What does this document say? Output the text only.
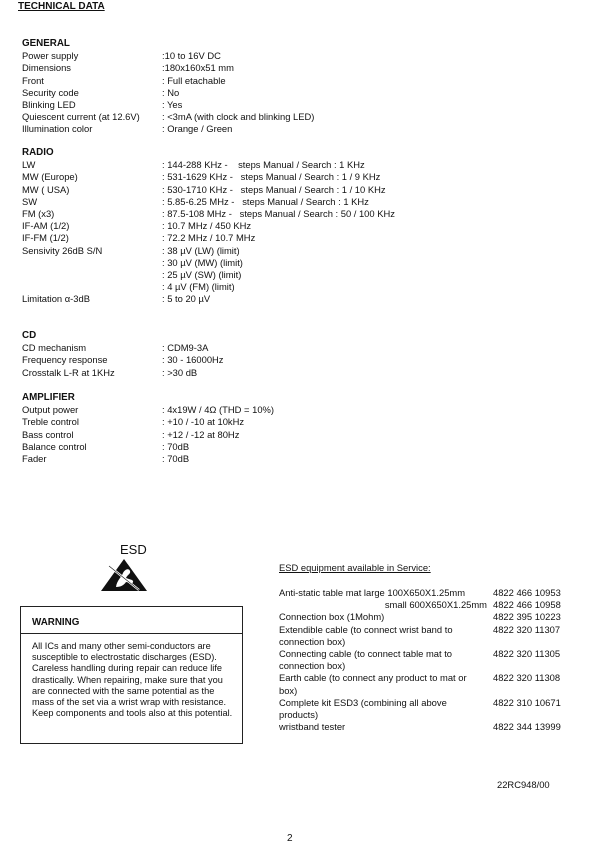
TECHNICAL DATA
GENERAL
Power supply	:10 to 16V DC
Dimensions	:180x160x51 mm
Front	: Full etachable
Security code	: No
Blinking LED	: Yes
Quiescent current (at 12.6V)	: <3mA (with clock and blinking LED)
Illumination color	: Orange / Green
RADIO
LW	: 144-288 KHz -    steps Manual / Search : 1 KHz
MW (Europe)	: 531-1629 KHz -   steps Manual / Search : 1 / 9 KHz
MW ( USA)	: 530-1710 KHz -   steps Manual / Search : 1 / 10 KHz
SW	: 5.85-6.25 MHz -   steps Manual / Search : 1 KHz
FM (x3)	: 87.5-108 MHz -   steps Manual / Search : 50 / 100 KHz
IF-AM (1/2)	: 10.7 MHz / 450 KHz
IF-FM (1/2)	: 72.2 MHz / 10.7 MHz
Sensivity 26dB S/N	: 38 µV (LW) (limit)
: 30 µV (MW) (limit)
: 25 µV (SW) (limit)
: 4 µV (FM) (limit)
Limitation α-3dB	: 5 to 20 µV
CD
CD mechanism	: CDM9-3A
Frequency response	: 30 - 16000Hz
Crosstalk L-R at 1KHz	: >30 dB
AMPLIFIER
Output power	: 4x19W / 4Ω (THD = 10%)
Treble control	: +10 / -10 at 10kHz
Bass control	: +12 / -12 at 80Hz
Balance control	: 70dB
Fader	: 70dB
ESD
WARNING
All ICs and many other semi-conductors are susceptible to electrostatic discharges (ESD). Careless handling during repair can reduce life drastically. When repairing, make sure that you are connected with the same potential as the mass of the set via a wrist wrap with resistance. Keep components and tools also at this potential.
ESD equipment available in Service:
Anti-static table mat large 100X650X1.25mm	4822 466 10953
small 600X650X1.25mm 4822 466 10958
Connection box (1Mohm)	4822 395 10223
Extendible cable (to connect wrist band to connection box)
4822 320 11307
Connecting cable (to connect table mat to connection box)
4822 320 11305
Earth cable (to connect any product to mat or box)
4822 320 11308
Complete kit ESD3 (combining all above products)
4822 310 10671
wristband tester	4822 344 13999
22RC948/00
2
